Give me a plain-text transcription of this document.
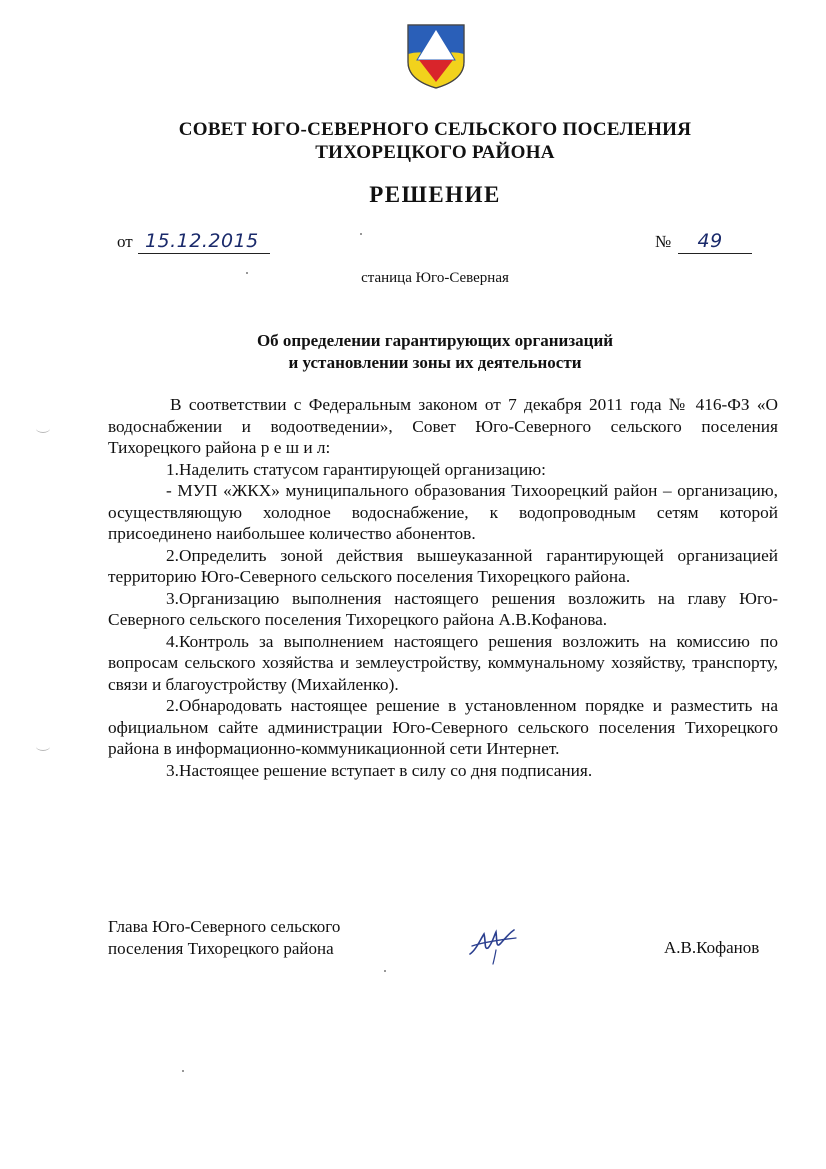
СОВЕТ ЮГО-СЕВЕРНОГО СЕЛЬСКОГО ПОСЕЛЕНИЯ
ТИХОРЕЦКОГО РАЙОНА
РЕШЕНИЕ
от 15.12.2015	№ 49
станица Юго-Северная
Об определении гарантирующих организаций
и установлении зоны их деятельности

В соответствии с Федеральным законом от 7 декабря 2011 года № 416-ФЗ «О водоснабжении и водоотведении», Совет Юго-Северного сельского поселения Тихорецкого района р е ш и л:

1.Наделить статусом гарантирующей организацию:

- МУП «ЖКХ» муниципального образования Тихоорецкий район – организацию, осуществляющую холодное водоснабжение, к водопроводным сетям которой присоединено наибольшее количество абонентов.

2.Определить зоной действия вышеуказанной гарантирующей организацией территорию Юго-Северного сельского поселения Тихорецкого района.

3.Организацию выполнения настоящего решения возложить на главу Юго-Северного сельского поселения Тихорецкого района А.В.Кофанова.

4.Контроль за выполнением настоящего решения возложить на комиссию по вопросам сельского хозяйства и землеустройству, коммунальному хозяйству, транспорту, связи и благоустройству (Михайленко).

2.Обнародовать настоящее решение в установленном порядке и разместить на официальном сайте администрации Юго-Северного сельского поселения Тихорецкого района в информационно-коммуникационной сети Интернет.

3.Настоящее решение вступает в силу со дня подписания.

Глава Юго-Северного сельского
поселения Тихорецкого района	А.В.Кофанов
